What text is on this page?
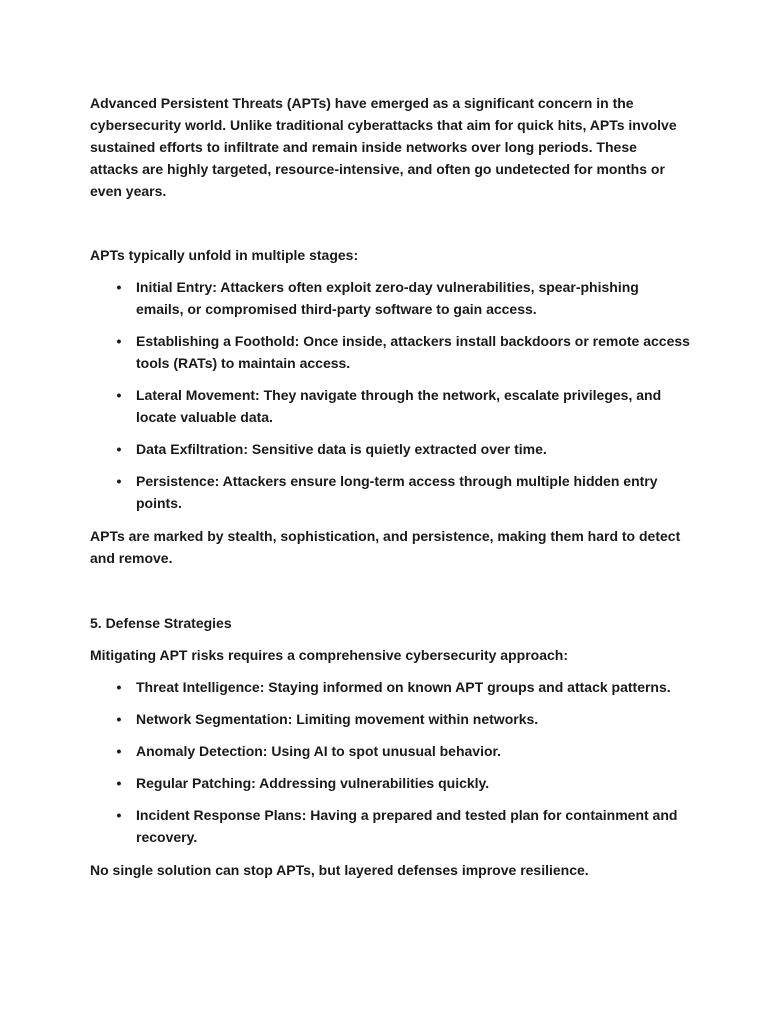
Advanced Persistent Threats (APTs) have emerged as a significant concern in the cybersecurity world. Unlike traditional cyberattacks that aim for quick hits, APTs involve sustained efforts to infiltrate and remain inside networks over long periods. These attacks are highly targeted, resource-intensive, and often go undetected for months or even years.

APTs typically unfold in multiple stages:

• Initial Entry: Attackers often exploit zero-day vulnerabilities, spear-phishing emails, or compromised third-party software to gain access.
• Establishing a Foothold: Once inside, attackers install backdoors or remote access tools (RATs) to maintain access.
• Lateral Movement: They navigate through the network, escalate privileges, and locate valuable data.
• Data Exfiltration: Sensitive data is quietly extracted over time.
• Persistence: Attackers ensure long-term access through multiple hidden entry points.

APTs are marked by stealth, sophistication, and persistence, making them hard to detect and remove.

5. Defense Strategies

Mitigating APT risks requires a comprehensive cybersecurity approach:

• Threat Intelligence: Staying informed on known APT groups and attack patterns.
• Network Segmentation: Limiting movement within networks.
• Anomaly Detection: Using AI to spot unusual behavior.
• Regular Patching: Addressing vulnerabilities quickly.
• Incident Response Plans: Having a prepared and tested plan for containment and recovery.

No single solution can stop APTs, but layered defenses improve resilience.
